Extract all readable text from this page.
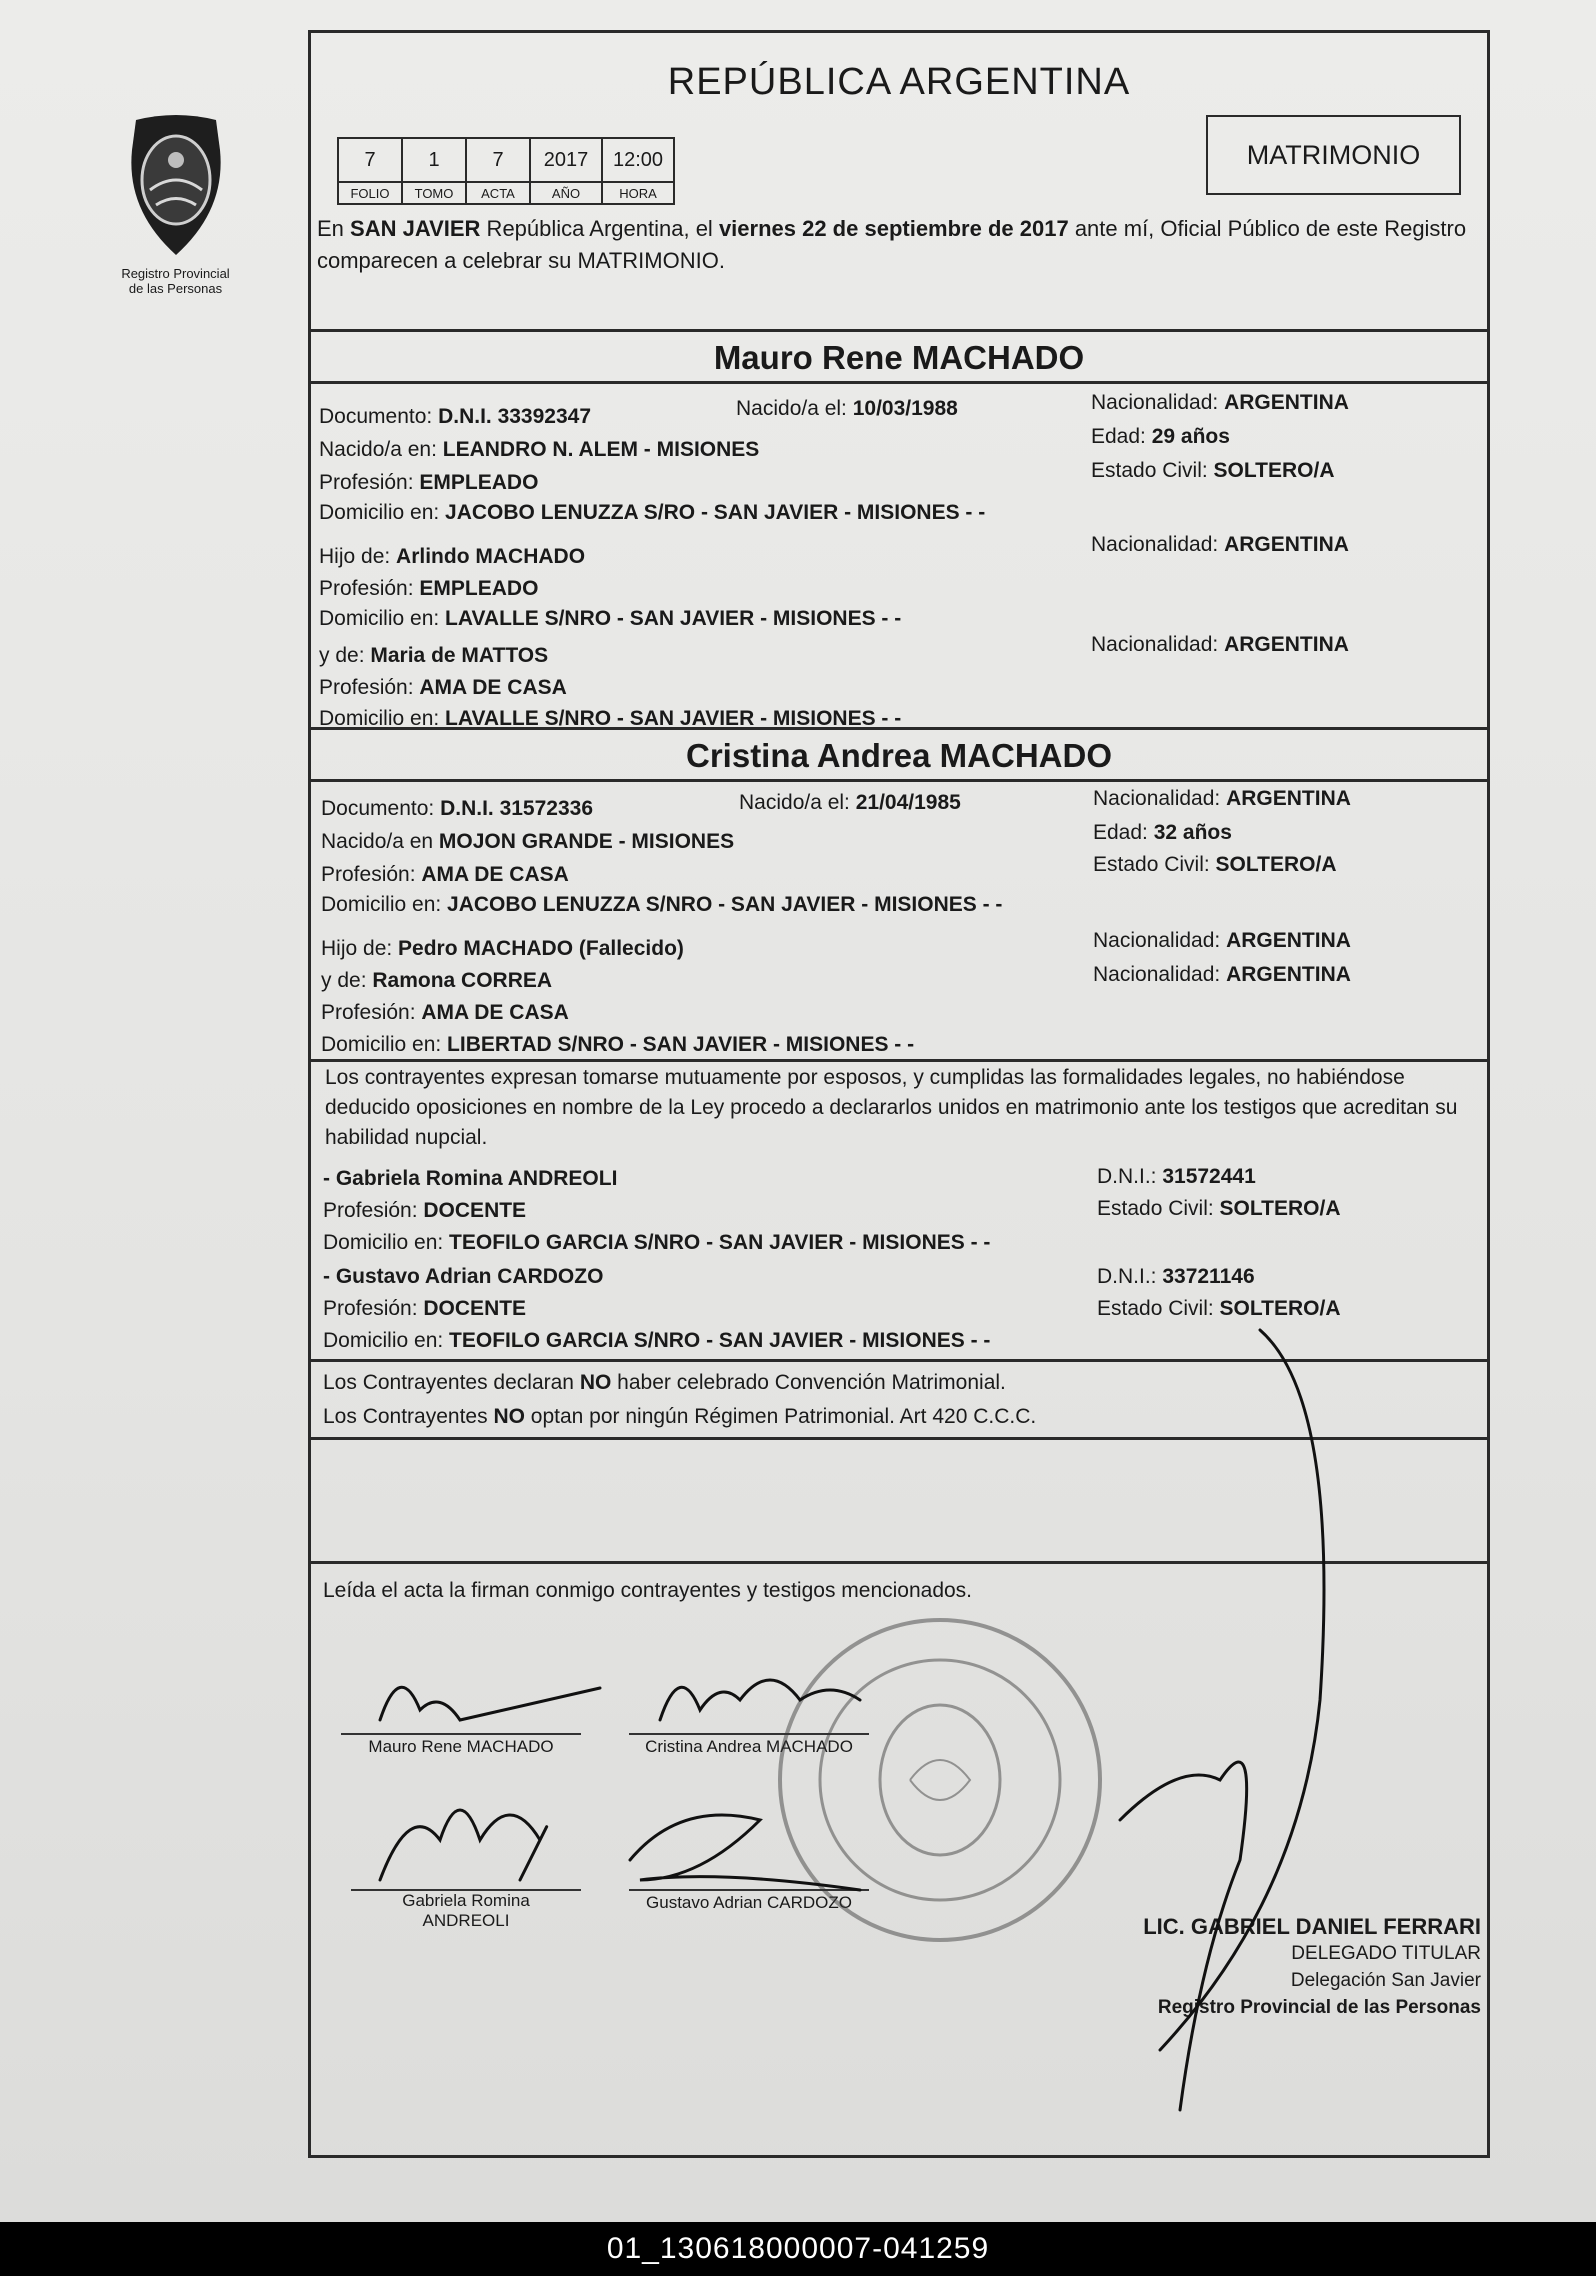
Registro Provincial
de las Personas
REPÚBLICA ARGENTINA
7	1	7	2017	12:00
FOLIO	TOMO	ACTA	AÑO	HORA
MATRIMONIO
En SAN JAVIER República Argentina, el viernes 22 de septiembre de 2017 ante mí, Oficial Público de este Registro comparecen a celebrar su MATRIMONIO.
Mauro Rene MACHADO
Documento: D.N.I. 33392347	Nacido/a el: 10/03/1988	Nacionalidad: ARGENTINA
Nacido/a en: LEANDRO N. ALEM - MISIONES
Edad: 29 años
Profesión: EMPLEADO
Estado Civil: SOLTERO/A
Domicilio en: JACOBO LENUZZA S/RO - SAN JAVIER - MISIONES - -
Hijo de: Arlindo MACHADO
Nacionalidad: ARGENTINA
Profesión: EMPLEADO
Domicilio en: LAVALLE S/NRO - SAN JAVIER - MISIONES - -
y de: Maria de MATTOS	Nacionalidad: ARGENTINA
Profesión: AMA DE CASA
Domicilio en: LAVALLE S/NRO - SAN JAVIER - MISIONES - -
Cristina Andrea MACHADO
Documento: D.N.I. 31572336	Nacido/a el: 21/04/1985	Nacionalidad: ARGENTINA
Nacido/a en MOJON GRANDE - MISIONES	Edad: 32 años
Profesión: AMA DE CASA	Estado Civil: SOLTERO/A
Domicilio en: JACOBO LENUZZA S/NRO - SAN JAVIER - MISIONES - -
Hijo de: Pedro MACHADO (Fallecido)	Nacionalidad: ARGENTINA
y de: Ramona CORREA	Nacionalidad: ARGENTINA
Profesión: AMA DE CASA
Domicilio en: LIBERTAD S/NRO - SAN JAVIER - MISIONES - -
Los contrayentes expresan tomarse mutuamente por esposos, y cumplidas las formalidades legales, no habiéndose deducido oposiciones en nombre de la Ley procedo a declararlos unidos en matrimonio ante los testigos que acreditan su habilidad nupcial.
- Gabriela Romina ANDREOLI	D.N.I.: 31572441
Profesión: DOCENTE	Estado Civil: SOLTERO/A
Domicilio en: TEOFILO GARCIA S/NRO - SAN JAVIER - MISIONES - -
- Gustavo Adrian CARDOZO	D.N.I.: 33721146
Profesión: DOCENTE	Estado Civil: SOLTERO/A
Domicilio en: TEOFILO GARCIA S/NRO - SAN JAVIER - MISIONES - -
Los Contrayentes declaran NO haber celebrado Convención Matrimonial.
Los Contrayentes NO optan por ningún Régimen Patrimonial. Art 420 C.C.C.
Leída el acta la firman conmigo contrayentes y testigos mencionados.
Mauro Rene MACHADO	Cristina Andrea MACHADO
Gabriela Romina
ANDREOLI
Gustavo Adrian CARDOZO
LIC. GABRIEL DANIEL FERRARI
DELEGADO TITULAR
Delegación San Javier
Registro Provincial de las Personas
01_130618000007-041259
